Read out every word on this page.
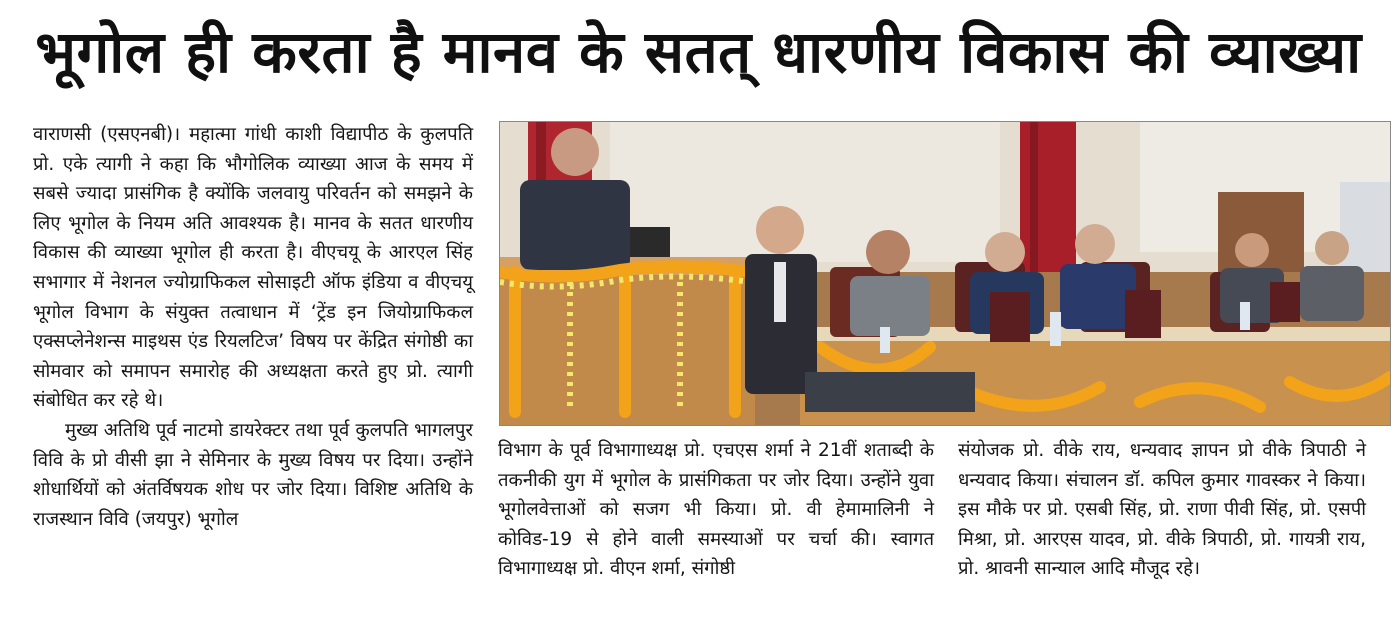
भूगोल ही करता है मानव के सतत् धारणीय विकास की व्याख्या

वाराणसी (एसएनबी)। महात्मा गांधी काशी विद्यापीठ के कुलपति प्रो. एके त्यागी ने कहा कि भौगोलिक व्याख्या आज के समय में सबसे ज्यादा प्रासंगिक है क्योंकि जलवायु परिवर्तन को समझने के लिए भूगोल के नियम अति आवश्यक है। मानव के सतत धारणीय विकास की व्याख्या भूगोल ही करता है। वीएचयू के आरएल सिंह सभागार में नेशनल ज्योग्राफिकल सोसाइटी ऑफ इंडिया व वीएचयू भूगोल विभाग के संयुक्त तत्वाधान में ‘ट्रेंड इन जियोग्राफिकल एक्सप्लेनेशन्स माइथस एंड रियलटिज’ विषय पर केंद्रित संगोष्ठी का सोमवार को समापन समारोह की अध्यक्षता करते हुए प्रो. त्यागी संबोधित कर रहे थे।

मुख्य अतिथि पूर्व नाटमो डायरेक्टर तथा पूर्व कुलपति भागलपुर विवि के प्रो वीसी झा ने सेमिनार के मुख्य विषय पर दिया। उन्होंने शोधार्थियों को अंतर्विषयक शोध पर जोर दिया। विशिष्ट अतिथि के राजस्थान विवि (जयपुर) भूगोल

विभाग के पूर्व विभागाध्यक्ष प्रो. एचएस शर्मा ने 21वीं शताब्दी के तकनीकी युग में भूगोल के प्रासंगिकता पर जोर दिया। उन्होंने युवा भूगोलवेत्ताओं को सजग भी किया। प्रो. वी हेमामालिनी ने कोविड-19 से होने वाली समस्याओं पर चर्चा की। स्वागत विभागाध्यक्ष प्रो. वीएन शर्मा, संगोष्ठी

संयोजक प्रो. वीके राय, धन्यवाद ज्ञापन प्रो वीके त्रिपाठी ने धन्यवाद किया। संचालन डॉ. कपिल कुमार गावस्कर ने किया। इस मौके पर प्रो. एसबी सिंह, प्रो. राणा पीवी सिंह, प्रो. एसपी मिश्रा, प्रो. आरएस यादव, प्रो. वीके त्रिपाठी, प्रो. गायत्री राय, प्रो. श्रावनी सान्याल आदि मौजूद रहे।
